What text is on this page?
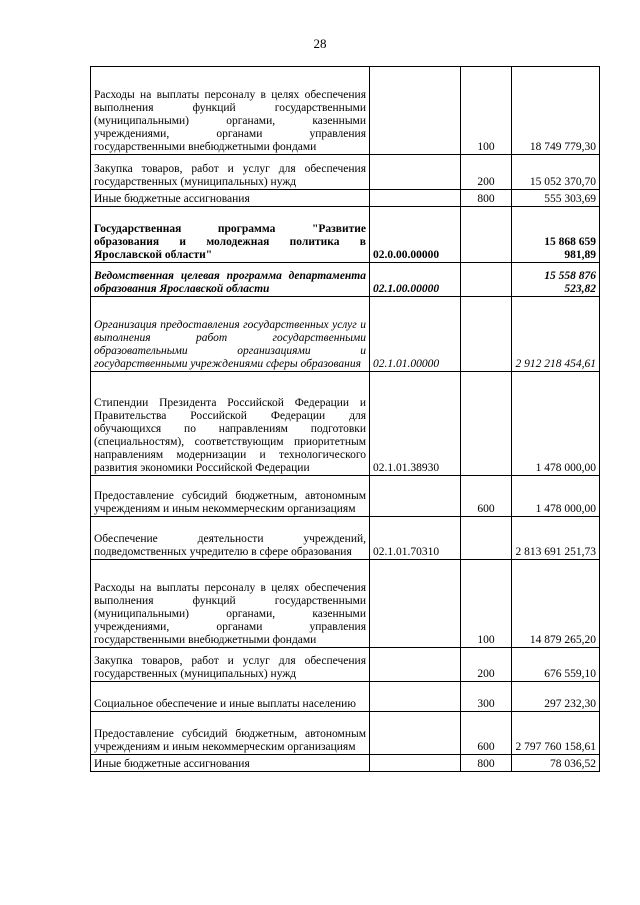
28
Расходы на выплаты персоналу в целях обеспечения выполнения функций государственными (муниципальными) органами, казенными учреждениями, органами управления государственными внебюджетными фондами		100	18 749 779,30
Закупка товаров, работ и услуг для обеспечения государственных (муниципальных) нужд		200	15 052 370,70
Иные бюджетные ассигнования		800	555 303,69
Государственная программа "Развитие образования и молодежная политика в Ярославской области"	02.0.00.00000		15 868 659 981,89
Ведомственная целевая программа департамента образования Ярославской области	02.1.00.00000		15 558 876 523,82
Организация предоставления государственных услуг и выполнения работ государственными образовательными организациями и государственными учреждениями сферы образования	02.1.01.00000		2 912 218 454,61
Стипендии Президента Российской Федерации и Правительства Российской Федерации для обучающихся по направлениям подготовки (специальностям), соответствующим приоритетным направлениям модернизации и технологического развития экономики Российской Федерации	02.1.01.38930		1 478 000,00
Предоставление субсидий бюджетным, автономным учреждениям и иным некоммерческим организациям		600	1 478 000,00
Обеспечение деятельности учреждений, подведомственных учредителю в сфере образования	02.1.01.70310		2 813 691 251,73
Расходы на выплаты персоналу в целях обеспечения выполнения функций государственными (муниципальными) органами, казенными учреждениями, органами управления государственными внебюджетными фондами		100	14 879 265,20
Закупка товаров, работ и услуг для обеспечения государственных (муниципальных) нужд		200	676 559,10
Социальное обеспечение и иные выплаты населению		300	297 232,30
Предоставление субсидий бюджетным, автономным учреждениям и иным некоммерческим организациям		600	2 797 760 158,61
Иные бюджетные ассигнования		800	78 036,52
